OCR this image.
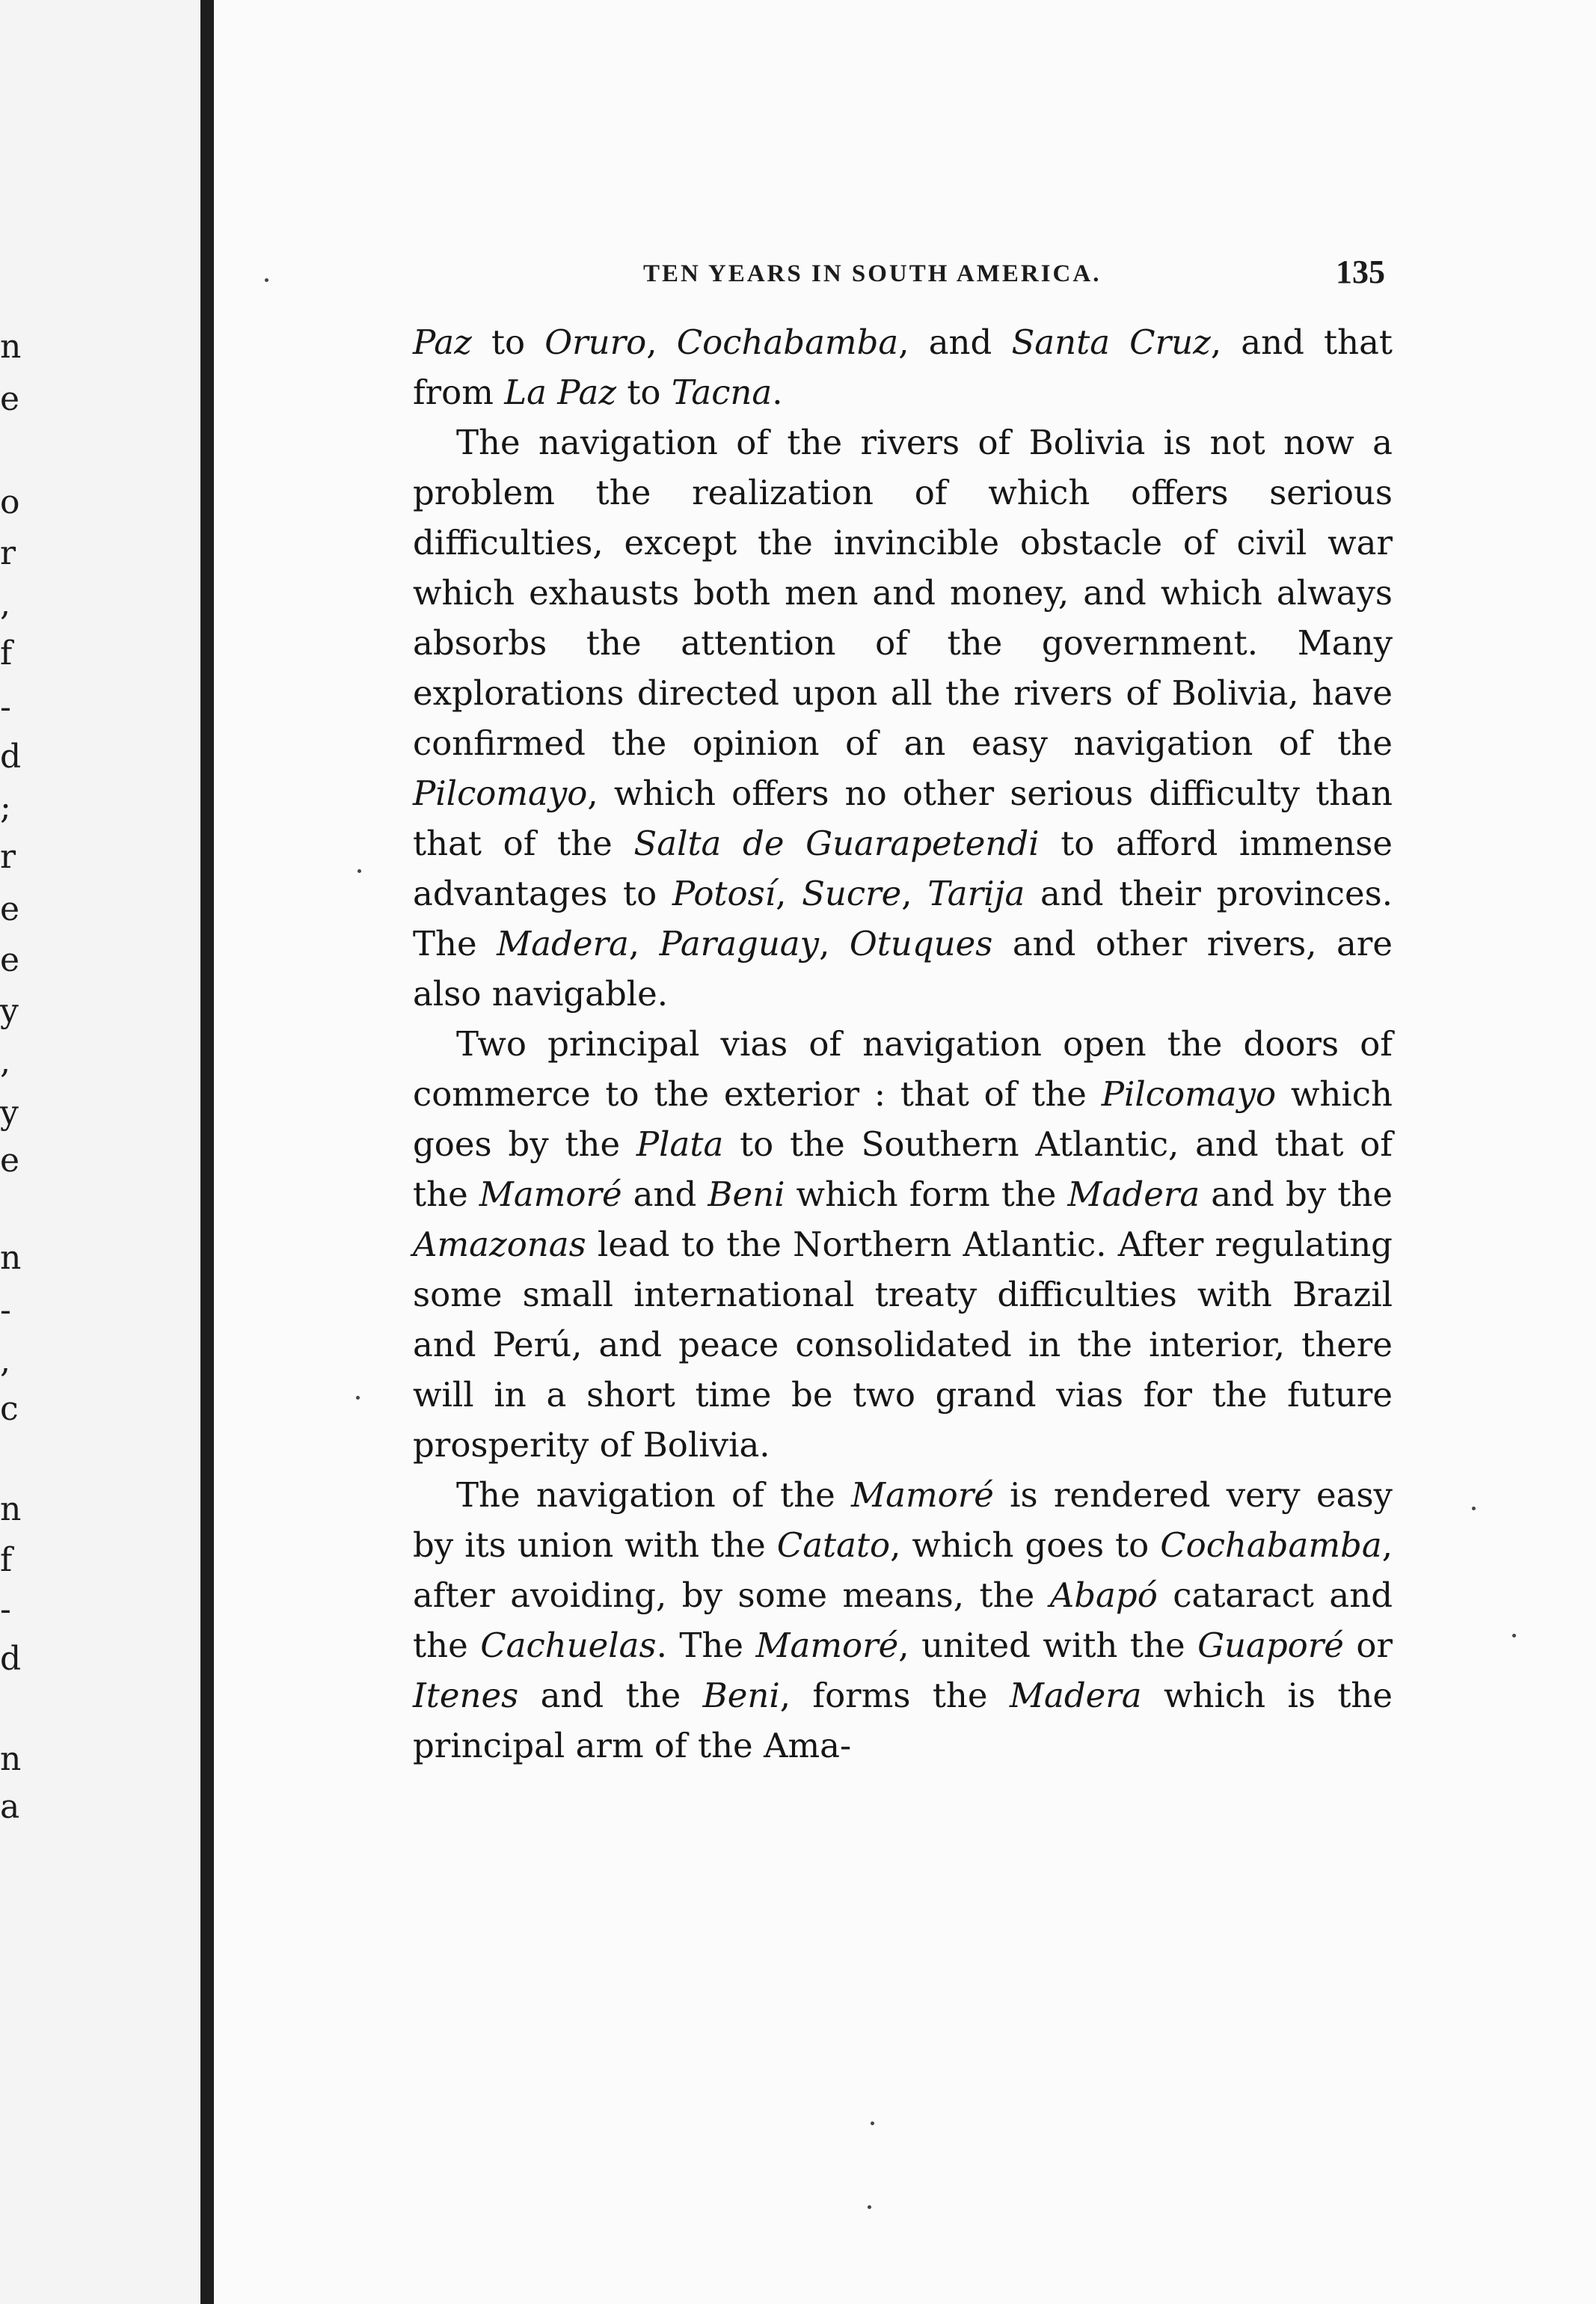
n
e
o
r
,
f
-
d
;
r
e
e
y
,
y
e
n
-
,
c
n
f
-
d
n
a
TEN YEARS IN SOUTH AMERICA.	135

Paz to Oruro, Cochabamba, and Santa Cruz, and that from La Paz to Tacna.

The navigation of the rivers of Bolivia is not now a problem the realization of which offers serious difficulties, except the invincible obstacle of civil war which exhausts both men and money, and which always absorbs the attention of the government. Many explorations directed upon all the rivers of Bolivia, have confirmed the opinion of an easy navigation of the Pilcomayo, which offers no other serious difficulty than that of the Salta de Guarapetendi to afford immense advantages to Potosí, Sucre, Tarija and their provinces. The Madera, Paraguay, Otuques and other rivers, are also navigable.

Two principal vias of navigation open the doors of commerce to the exterior : that of the Pilcomayo which goes by the Plata to the Southern Atlantic, and that of the Mamoré and Beni which form the Madera and by the Amazonas lead to the Northern Atlantic. After regulating some small international treaty difficulties with Brazil and Perú, and peace consolidated in the interior, there will in a short time be two grand vias for the future prosperity of Bolivia.

The navigation of the Mamoré is rendered very easy by its union with the Catato, which goes to Cochabamba, after avoiding, by some means, the Abapó cataract and the Cachuelas. The Mamoré, united with the Guaporé or Itenes and the Beni, forms the Madera which is the principal arm of the Ama-
